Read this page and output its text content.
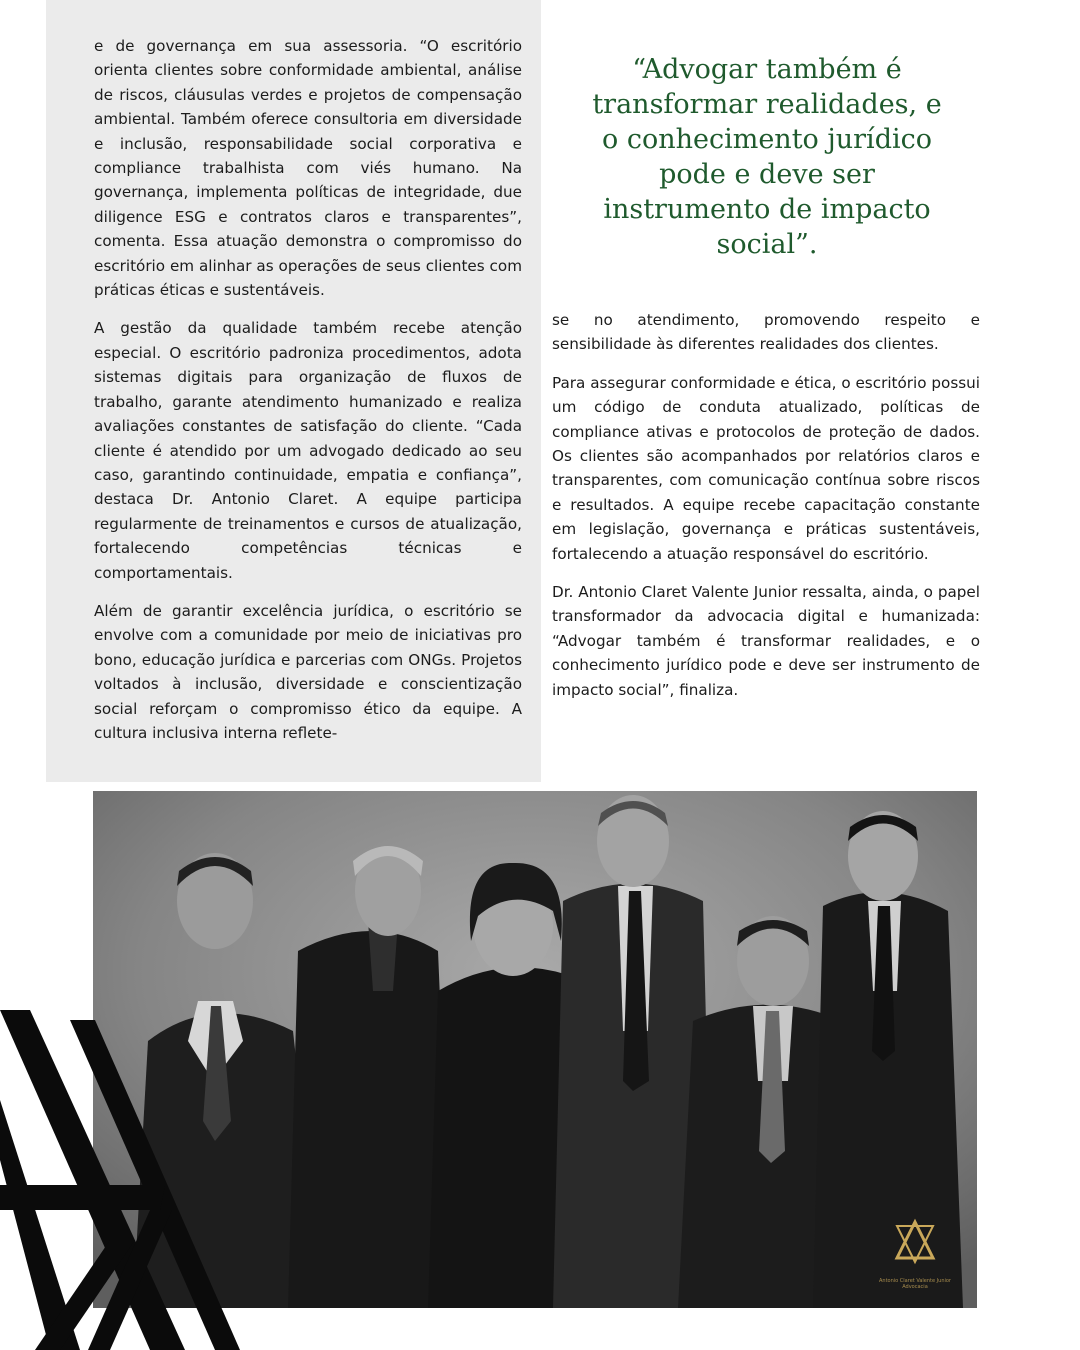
e de governança em sua assessoria. “O escritório orienta clientes sobre conformidade ambiental, análise de riscos, cláusulas verdes e projetos de compensação ambiental. Também oferece consultoria em diversidade e inclusão, responsabilidade social corporativa e compliance trabalhista com viés humano. Na governança, implementa políticas de integridade, due diligence ESG e contratos claros e transparentes”, comenta. Essa atuação demonstra o compromisso do escritório em alinhar as operações de seus clientes com práticas éticas e sustentáveis.

A gestão da qualidade também recebe atenção especial. O escritório padroniza procedimentos, adota sistemas digitais para organização de fluxos de trabalho, garante atendimento humanizado e realiza avaliações constantes de satisfação do cliente. “Cada cliente é atendido por um advogado dedicado ao seu caso, garantindo continuidade, empatia e confiança”, destaca Dr. Antonio Claret. A equipe participa regularmente de treinamentos e cursos de atualização, fortalecendo competências técnicas e comportamentais.

Além de garantir excelência jurídica, o escritório se envolve com a comunidade por meio de iniciativas pro bono, educação jurídica e parcerias com ONGs. Projetos voltados à inclusão, diversidade e conscientização social reforçam o compromisso ético da equipe. A cultura inclusiva interna reflete-

“Advogar também é transformar realidades, e o conhecimento jurídico pode e deve ser instrumento de impacto social”.

se no atendimento, promovendo respeito e sensibilidade às diferentes realidades dos clientes.

Para assegurar conformidade e ética, o escritório possui um código de conduta atualizado, políticas de compliance ativas e protocolos de proteção de dados. Os clientes são acompanhados por relatórios claros e transparentes, com comunicação contínua sobre riscos e resultados. A equipe recebe capacitação constante em legislação, governança e práticas sustentáveis, fortalecendo a atuação responsável do escritório.

Dr. Antonio Claret Valente Junior ressalta, ainda, o papel transformador da advocacia digital e humanizada: “Advogar também é transformar realidades, e o conhecimento jurídico pode e deve ser instrumento de impacto social”, finaliza.

Antonio Claret Valente Junior Advocacia
